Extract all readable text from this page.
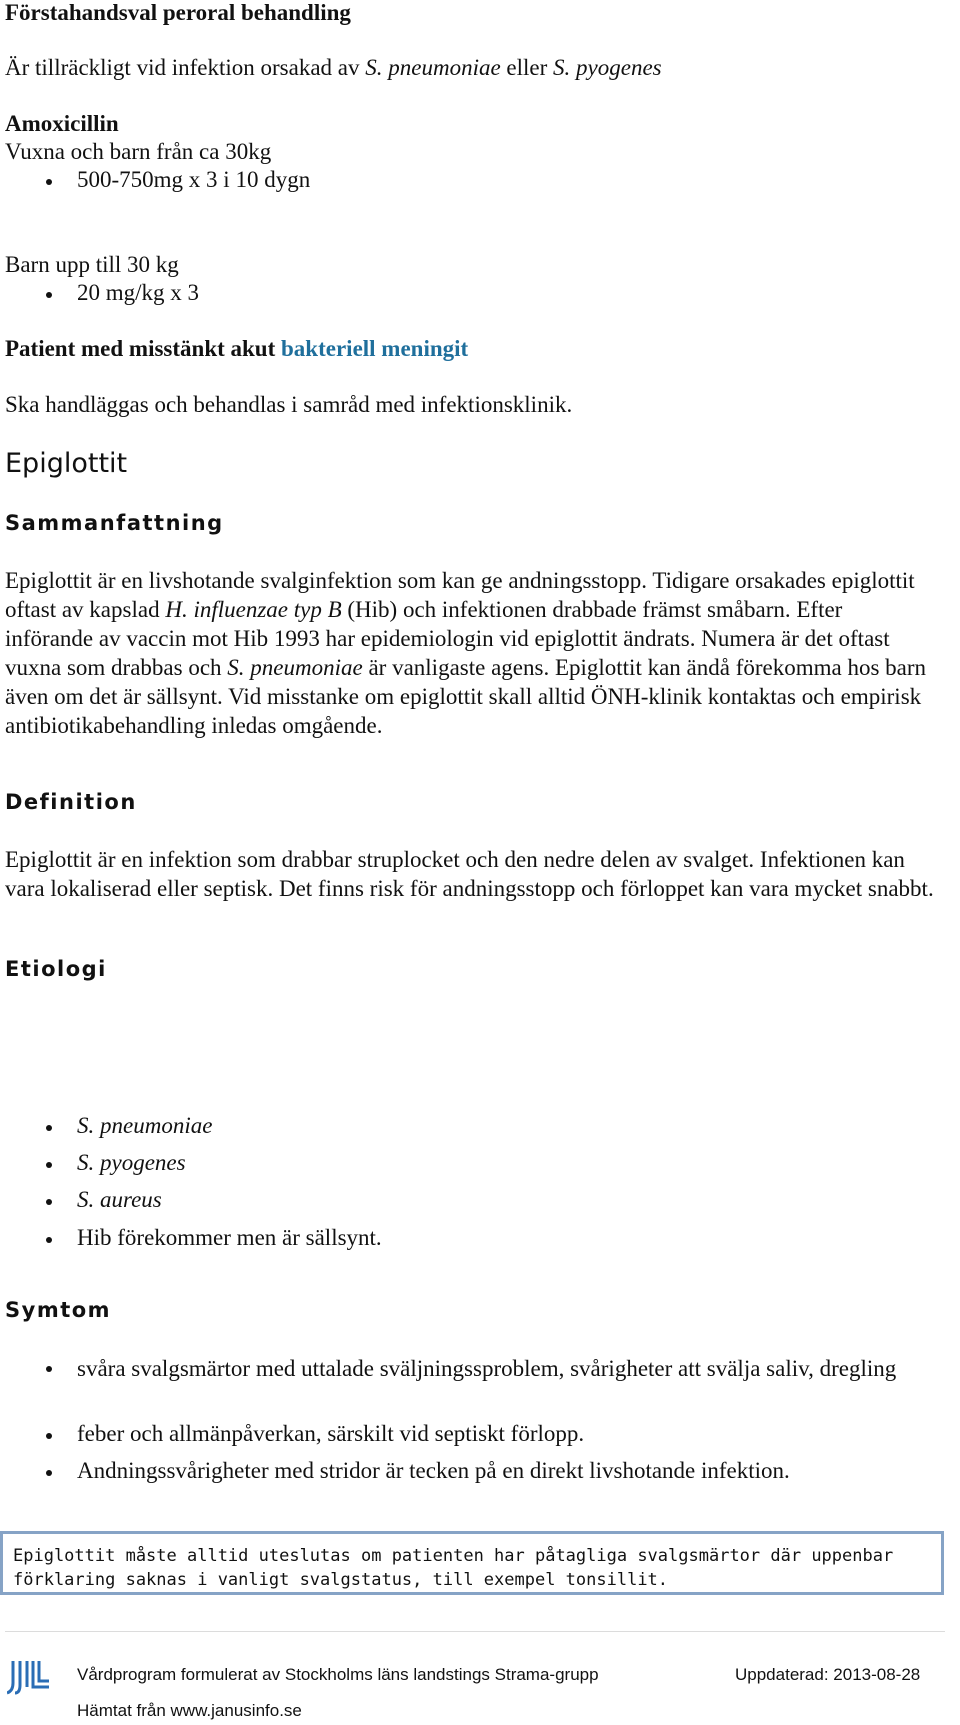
Förstahandsval peroral behandling
Är tillräckligt vid infektion orsakad av S. pneumoniae eller S. pyogenes
Amoxicillin
Vuxna och barn från ca 30kg
500-750mg x 3 i 10 dygn
Barn upp till 30 kg
20 mg/kg x 3
Patient med misstänkt akut bakteriell meningit
Ska handläggas och behandlas i samråd med infektionsklinik.
Epiglottit
Sammanfattning
Epiglottit är en livshotande svalginfektion som kan ge andningsstopp. Tidigare orsakades epiglottit oftast av kapslad H. influenzae typ B (Hib) och infektionen drabbade främst småbarn. Efter införande av vaccin mot Hib 1993 har epidemiologin vid epiglottit ändrats. Numera är det oftast vuxna som drabbas och S. pneumoniae är vanligaste agens. Epiglottit kan ändå förekomma hos barn även om det är sällsynt. Vid misstanke om epiglottit skall alltid ÖNH-klinik kontaktas och empirisk antibiotikabehandling inledas omgående.
Definition
Epiglottit är en infektion som drabbar struplocket och den nedre delen av svalget. Infektionen kan vara lokaliserad eller septisk. Det finns risk för andningsstopp och förloppet kan vara mycket snabbt.
Etiologi
S. pneumoniae
S. pyogenes
S. aureus
Hib förekommer men är sällsynt.
Symtom
svåra svalgsmärtor med uttalade sväljningssproblem, svårigheter att svälja saliv, dregling
feber och allmänpåverkan, särskilt vid septiskt förlopp.
Andningssvårigheter med stridor är tecken på en direkt livshotande infektion.
Epiglottit måste alltid uteslutas om patienten har påtagliga svalgsmärtor där uppenbar förklaring saknas i vanligt svalgstatus, till exempel tonsillit.
Vårdprogram formulerat av Stockholms läns landstings Strama-grupp	Uppdaterad: 2013-08-28
Hämtat från www.janusinfo.se
